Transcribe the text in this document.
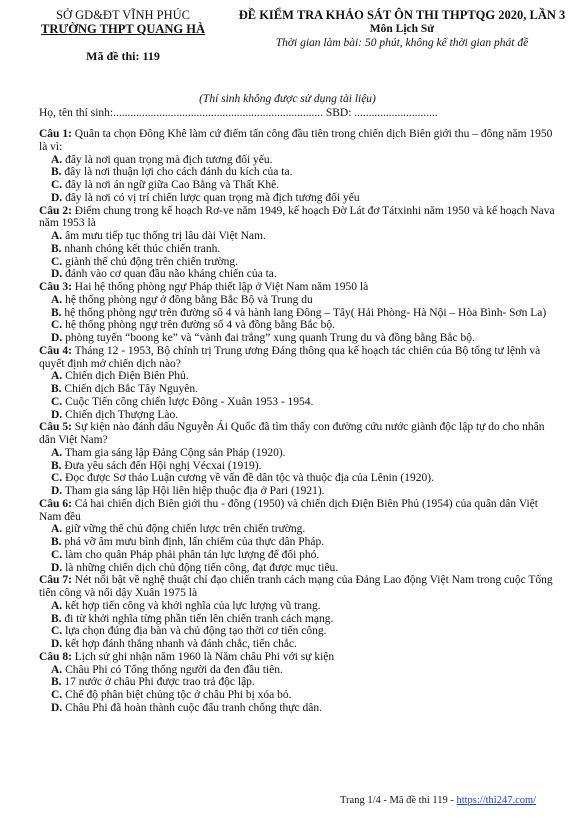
SỞ GD&ĐT VĨNH PHÚC
TRƯỜNG THPT QUANG HÀ
Mã đề thi: 119
ĐỀ KIỂM TRA KHẢO SÁT ÔN THI THPTQG 2020, LẦN 3
Môn Lịch Sử
Thời gian làm bài: 50 phút, không kể thời gian phát đề
(Thí sinh không được sử dụng tài liệu)
Họ, tên thí sinh:......................................................................... SBD: .............................
Câu 1: Quân ta chọn Đông Khê làm cứ điểm tấn công đầu tiên trong chiến dịch Biên giới thu – đông năm 1950 là vì:
A. đây là nơi quan trọng mà địch tương đối yếu.
B. đây là nơi thuận lợi cho cách đánh du kích của ta.
C. đây là nơi án ngữ giữa Cao Bằng và Thất Khê.
D. đây là nơi có vị trí chiến lược quan trọng mà địch tương đối yếu
Câu 2: Điểm chung trong kế hoạch Rơ-ve năm 1949, kế hoạch Đờ Lát đơ Tátxinhi năm 1950 và kế hoạch Nava năm 1953 là
A. âm mưu tiếp tục thống trị lâu dài Việt Nam.
B. nhanh chóng kết thúc chiến tranh.
C. giành thế chủ động trên chiến trường.
D. đánh vào cơ quan đầu não kháng chiến của ta.
Câu 3: Hai hệ thống phòng ngự Pháp thiết lập ở Việt Nam năm 1950 là
A. hệ thống phòng ngự ở đồng bằng Bắc Bộ và Trung du
B. hệ thống phòng ngự trên đường số 4 và hành lang Đông – Tây( Hải Phòng- Hà Nội – Hòa Bình- Sơn La)
C. hệ thống phòng ngự trên đường số 4 và đồng bằng Bắc bộ.
D. phòng tuyến “boong ke” và “vành đai trắng” xung quanh Trung du và đồng bằng Bắc bộ.
Câu 4: Tháng 12 - 1953, Bộ chính trị Trung ương Đảng thông qua kế hoạch tác chiến của Bộ tổng tư lệnh và quyết định mở chiến dịch nào?
A. Chiến dịch Điện Biên Phủ.
B. Chiến dịch Bắc Tây Nguyên.
C. Cuộc Tiến công chiến lược Đông - Xuân 1953 - 1954.
D. Chiến dịch Thượng Lào.
Câu 5: Sự kiện nào đánh dấu Nguyễn Ái Quốc đã tìm thấy con đường cứu nước giành độc lập tự do cho nhân dân Việt Nam?
A. Tham gia sáng lập Đảng Cộng sản Pháp (1920).
B. Đưa yêu sách đến Hội nghị Vécxai (1919).
C. Đọc được Sơ thảo Luận cương về vấn đề dân tộc và thuộc địa của Lênin (1920).
D. Tham gia sáng lập Hội liên hiệp thuộc địa ở Pari (1921).
Câu 6: Cả hai chiến dịch Biên giới thu - đông (1950) và chiến dịch Điện Biên Phủ (1954) của quân dân Việt Nam đều
A. giữ vững thế chủ động chiến lược trên chiến trường.
B. phá vỡ âm mưu bình định, lấn chiếm của thực dân Pháp.
C. làm cho quân Pháp phải phân tán lực lượng để đối phó.
D. là những chiến dịch chủ động tiến công, đạt được mục tiêu.
Câu 7: Nét nổi bật về nghệ thuật chỉ đạo chiến tranh cách mạng của Đảng Lao động Việt Nam trong cuộc Tổng tiến công và nổi dậy Xuân 1975 là
A. kết hợp tiến công và khởi nghĩa của lực lượng vũ trang.
B. đi từ khởi nghĩa từng phần tiến lên chiến tranh cách mạng.
C. lựa chọn đúng địa bàn và chủ động tạo thời cơ tiến công.
D. kết hợp đánh thắng nhanh và đánh chắc, tiến chắc.
Câu 8: Lịch sử ghi nhận năm 1960 là Năm châu Phi với sự kiện
A. Châu Phi có Tổng thống người da đen đầu tiên.
B. 17 nước ở châu Phi được trao trả độc lập.
C. Chế độ phân biệt chủng tộc ở châu Phi bị xóa bỏ.
D. Châu Phi đã hoàn thành cuộc đấu tranh chống thực dân.
Trang 1/4 - Mã đề thi 119 - https://thi247.com/
